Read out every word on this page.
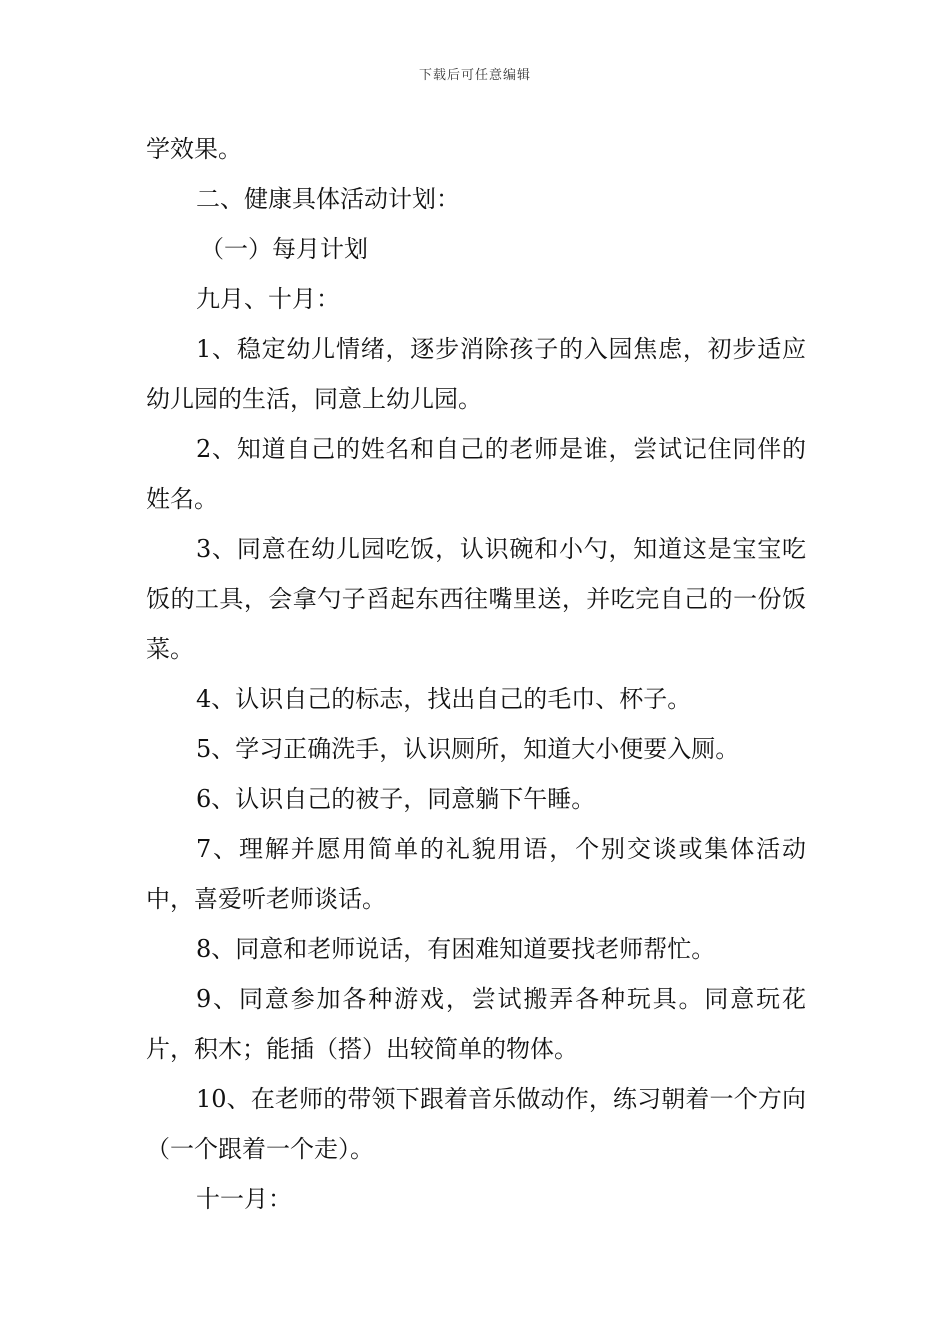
下载后可任意编辑

学效果。

二、健康具体活动计划：

（一）每月计划

九月、十月：

1、稳定幼儿情绪，逐步消除孩子的入园焦虑，初步适应幼儿园的生活，同意上幼儿园。

2、知道自己的姓名和自己的老师是谁，尝试记住同伴的姓名。

3、同意在幼儿园吃饭，认识碗和小勺，知道这是宝宝吃饭的工具，会拿勺子舀起东西往嘴里送，并吃完自己的一份饭菜。

4、认识自己的标志，找出自己的毛巾、杯子。

5、学习正确洗手，认识厕所，知道大小便要入厕。

6、认识自己的被子，同意躺下午睡。

7、理解并愿用简单的礼貌用语，个别交谈或集体活动中，喜爱听老师谈话。

8、同意和老师说话，有困难知道要找老师帮忙。

9、同意参加各种游戏，尝试搬弄各种玩具。同意玩花片，积木；能插（搭）出较简单的物体。

10、在老师的带领下跟着音乐做动作，练习朝着一个方向（一个跟着一个走）。

十一月：
